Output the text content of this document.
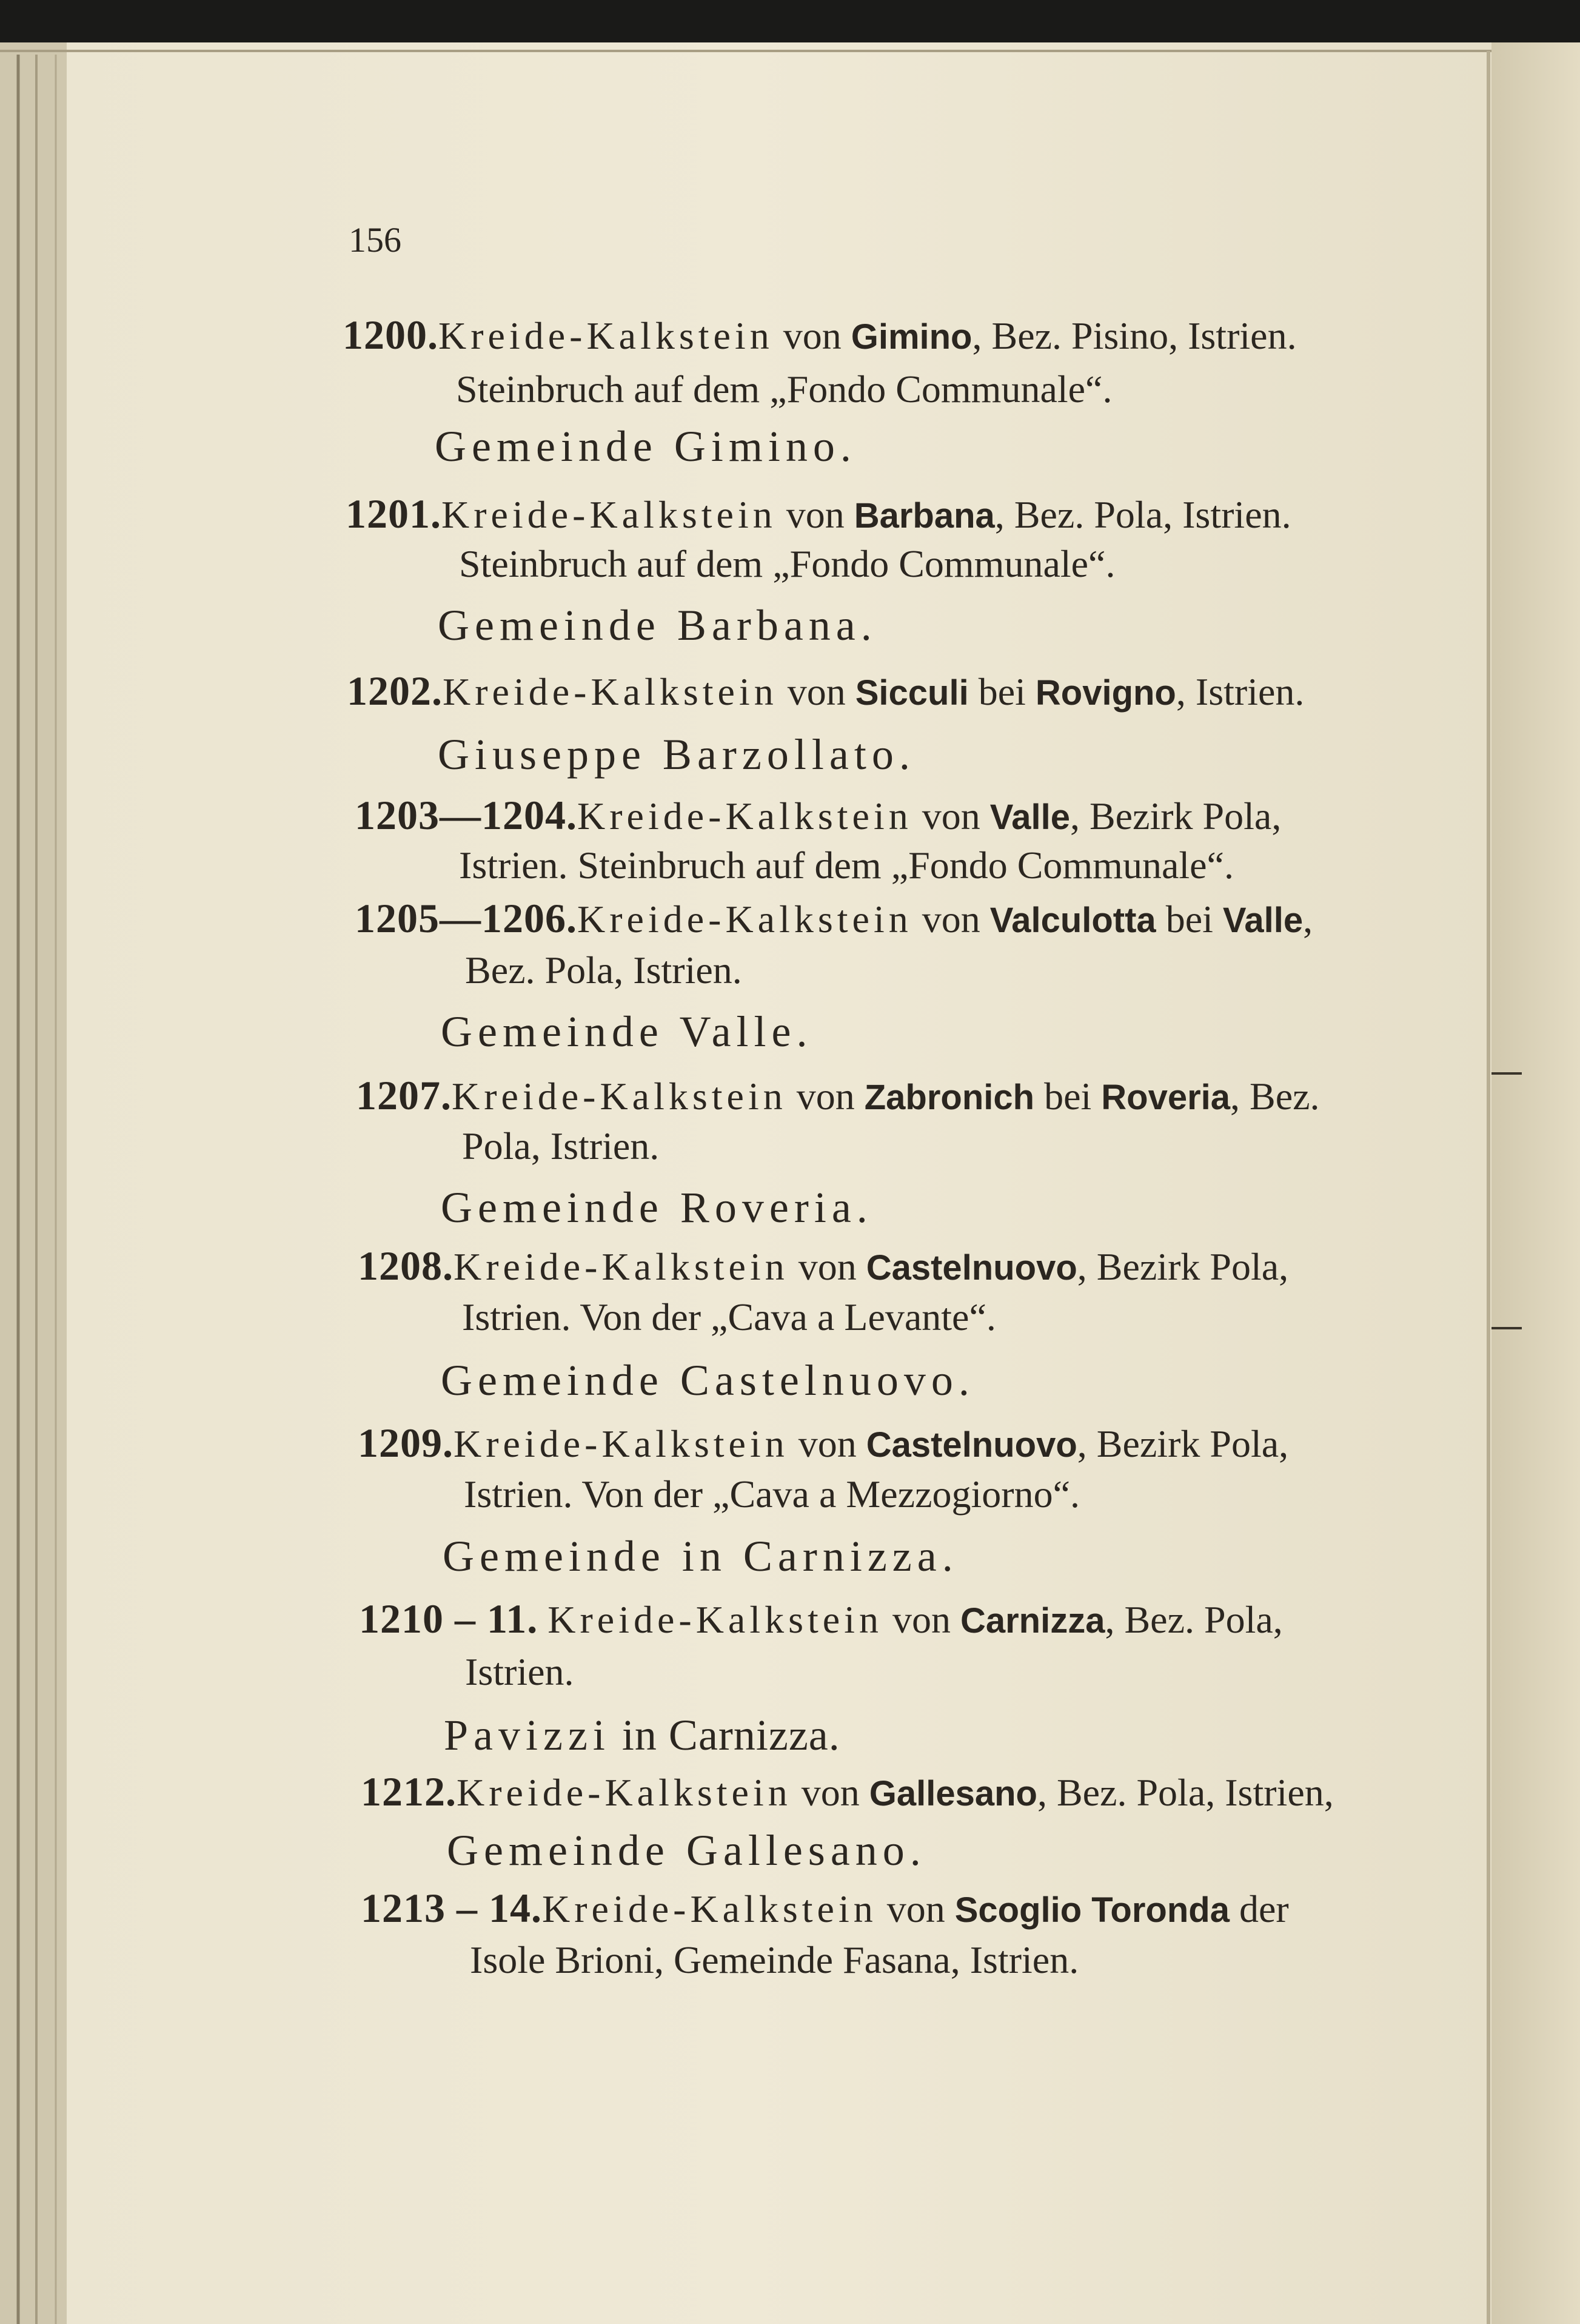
156
1200.Kreide-Kalkstein von Gimino, Bez. Pisino, Istrien.
Steinbruch auf dem „Fondo Communale“.
Gemeinde Gimino.
1201.Kreide-Kalkstein von Barbana, Bez. Pola, Istrien.
Steinbruch auf dem „Fondo Communale“.
Gemeinde Barbana.
1202.Kreide-Kalkstein von Sicculi bei Rovigno, Istrien.
Giuseppe Barzollato.
1203—1204.Kreide-Kalkstein von Valle, Bezirk Pola,
Istrien. Steinbruch auf dem „Fondo Communale“.
1205—1206.Kreide-Kalkstein von Valculotta bei Valle,
Bez. Pola, Istrien.
Gemeinde Valle.
1207.Kreide-Kalkstein von Zabronich bei Roveria, Bez.
Pola, Istrien.
Gemeinde Roveria.
1208.Kreide-Kalkstein von Castelnuovo, Bezirk Pola,
Istrien. Von der „Cava a Levante“.
Gemeinde Castelnuovo.
1209.Kreide-Kalkstein von Castelnuovo, Bezirk Pola,
Istrien. Von der „Cava a Mezzogiorno“.
Gemeinde in Carnizza.
1210 – 11. Kreide-Kalkstein von Carnizza, Bez. Pola,
Istrien.
Pavizzi in Carnizza.
1212.Kreide-Kalkstein von Gallesano, Bez. Pola, Istrien,
Gemeinde Gallesano.
1213 – 14.Kreide-Kalkstein von Scoglio Toronda der
Isole Brioni, Gemeinde Fasana, Istrien.
